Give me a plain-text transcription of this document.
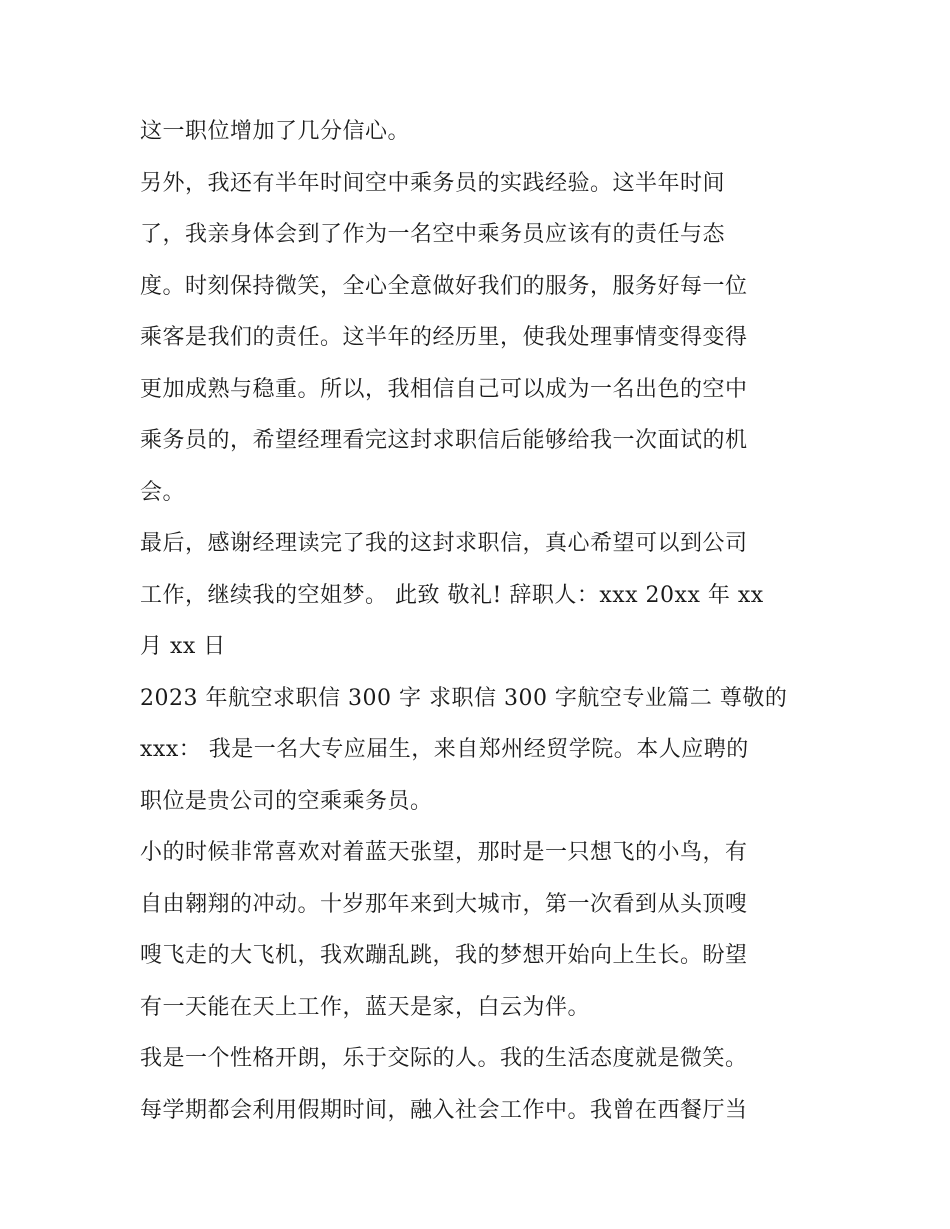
这一职位增加了几分信心。
另外，我还有半年时间空中乘务员的实践经验。这半年时间
了，我亲身体会到了作为一名空中乘务员应该有的责任与态
度。时刻保持微笑，全心全意做好我们的服务，服务好每一位
乘客是我们的责任。这半年的经历里，使我处理事情变得变得
更加成熟与稳重。所以，我相信自己可以成为一名出色的空中
乘务员的，希望经理看完这封求职信后能够给我一次面试的机
会。
最后，感谢经理读完了我的这封求职信，真心希望可以到公司
工作，继续我的空姐梦。 此致 敬礼! 辞职人：xxx 20xx 年 xx
月 xx 日
2023 年航空求职信 300 字 求职信 300 字航空专业篇二 尊敬的
xxx： 我是一名大专应届生，来自郑州经贸学院。本人应聘的
职位是贵公司的空乘乘务员。
小的时候非常喜欢对着蓝天张望，那时是一只想飞的小鸟，有
自由翱翔的冲动。十岁那年来到大城市，第一次看到从头顶嗖
嗖飞走的大飞机，我欢蹦乱跳，我的梦想开始向上生长。盼望
有一天能在天上工作，蓝天是家，白云为伴。
我是一个性格开朗，乐于交际的人。我的生活态度就是微笑。
每学期都会利用假期时间，融入社会工作中。我曾在西餐厅当
